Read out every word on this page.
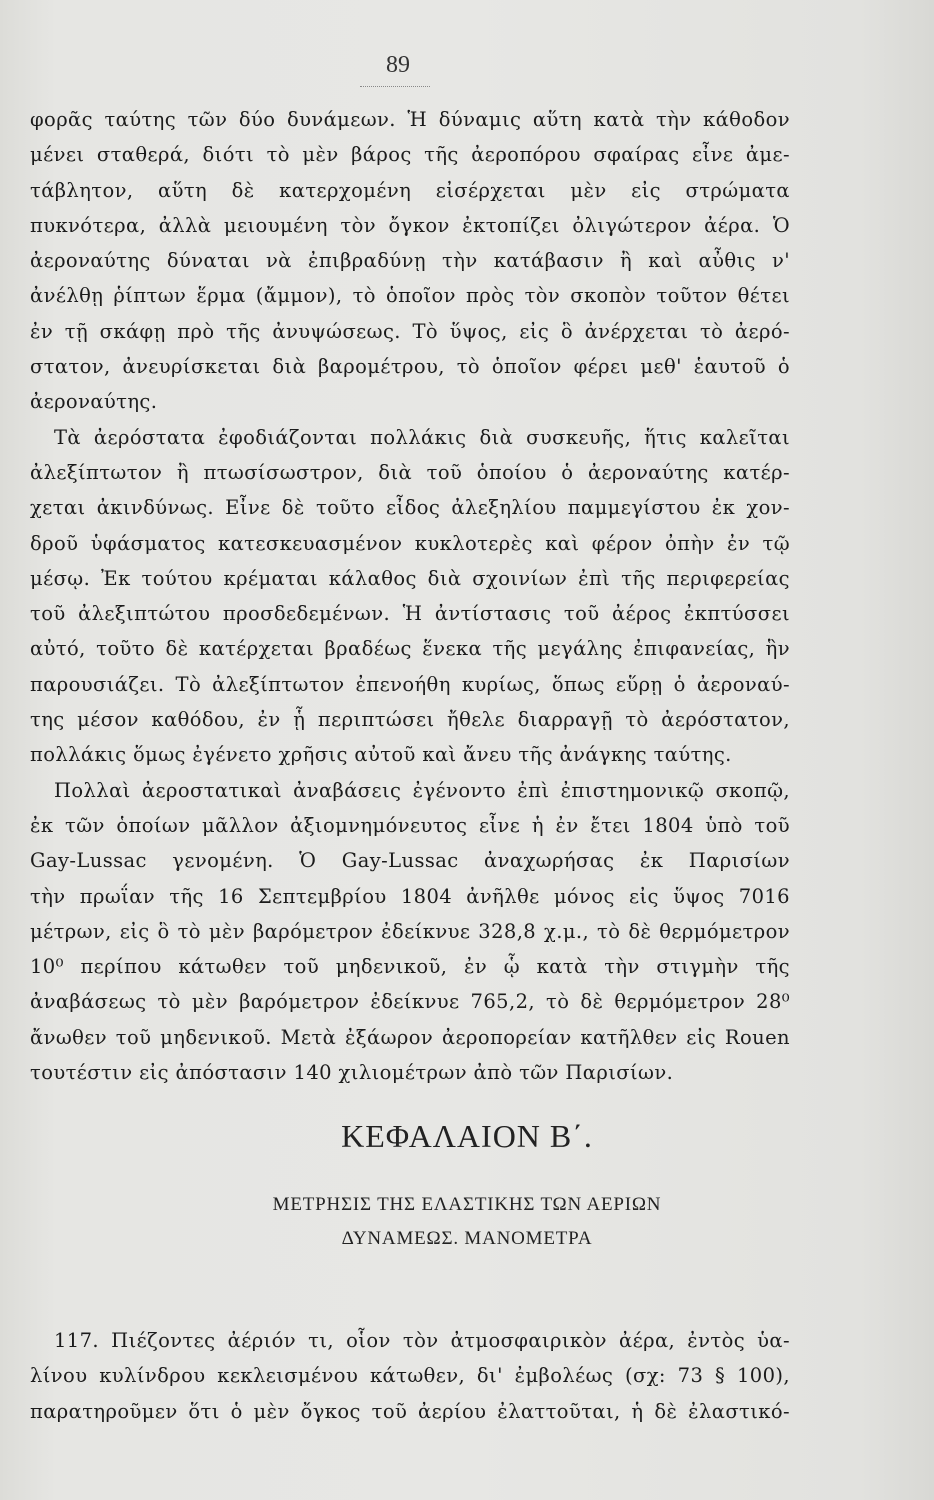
89
φορᾶς ταύτης τῶν δύο δυνάμεων. Ἡ δύναμις αὕτη κατὰ τὴν κάθοδον
μένει σταθερά, διότι τὸ μὲν βάρος τῆς ἀεροπόρου σφαίρας εἶνε ἀμε-
τάβλητον, αὕτη δὲ κατερχομένη εἰσέρχεται μὲν εἰς στρώματα
πυκνότερα, ἀλλὰ μειουμένη τὸν ὄγκον ἐκτοπίζει ὀλιγώτερον ἀέρα. Ὁ
ἀεροναύτης δύναται νὰ ἐπιβραδύνῃ τὴν κατάβασιν ἢ καὶ αὖθις ν'
ἀνέλθῃ ῥίπτων ἕρμα (ἄμμον), τὸ ὁποῖον πρὸς τὸν σκοπὸν τοῦτον θέτει
ἐν τῇ σκάφῃ πρὸ τῆς ἀνυψώσεως. Τὸ ὕψος, εἰς ὃ ἀνέρχεται τὸ ἀερό-
στατον, ἀνευρίσκεται διὰ βαρομέτρου, τὸ ὁποῖον φέρει μεθ' ἑαυτοῦ ὁ
ἀεροναύτης.
Τὰ ἀερόστατα ἐφοδιάζονται πολλάκις διὰ συσκευῆς, ἥτις καλεῖται
ἀλεξίπτωτον ἢ πτωσίσωστρον, διὰ τοῦ ὁποίου ὁ ἀεροναύτης κατέρ-
χεται ἀκινδύνως. Εἶνε δὲ τοῦτο εἶδος ἀλεξηλίου παμμεγίστου ἐκ χον-
δροῦ ὑφάσματος κατεσκευασμένον κυκλοτερὲς καὶ φέρον ὀπὴν ἐν τῷ
μέσῳ. Ἐκ τούτου κρέμαται κάλαθος διὰ σχοινίων ἐπὶ τῆς περιφερείας
τοῦ ἀλεξιπτώτου προσδεδεμένων. Ἡ ἀντίστασις τοῦ ἀέρος ἐκπτύσσει
αὐτό, τοῦτο δὲ κατέρχεται βραδέως ἕνεκα τῆς μεγάλης ἐπιφανείας, ἣν
παρουσιάζει. Τὸ ἀλεξίπτωτον ἐπενοήθη κυρίως, ὅπως εὕρῃ ὁ ἀεροναύ-
της μέσον καθόδου, ἐν ᾗ περιπτώσει ἤθελε διαρραγῇ τὸ ἀερόστατον,
πολλάκις ὅμως ἐγένετο χρῆσις αὐτοῦ καὶ ἄνευ τῆς ἀνάγκης ταύτης.
Πολλαὶ ἀεροστατικαὶ ἀναβάσεις ἐγένοντο ἐπὶ ἐπιστημονικῷ σκοπῷ,
ἐκ τῶν ὁποίων μᾶλλον ἀξιομνημόνευτος εἶνε ἡ ἐν ἔτει 1804 ὑπὸ τοῦ
Gay-Lussac γενομένη. Ὁ Gay-Lussac ἀναχωρήσας ἐκ Παρισίων
τὴν πρωΐαν τῆς 16 Σεπτεμβρίου 1804 ἀνῆλθε μόνος εἰς ὕψος 7016
μέτρων, εἰς ὃ τὸ μὲν βαρόμετρον ἐδείκνυε 328,8 χ.μ., τὸ δὲ θερμόμετρον
10⁰ περίπου κάτωθεν τοῦ μηδενικοῦ, ἐν ᾧ κατὰ τὴν στιγμὴν τῆς
ἀναβάσεως τὸ μὲν βαρόμετρον ἐδείκνυε 765,2, τὸ δὲ θερμόμετρον 28⁰
ἄνωθεν τοῦ μηδενικοῦ. Μετὰ ἐξάωρον ἀεροπορείαν κατῆλθεν εἰς Rouen
τουτέστιν εἰς ἀπόστασιν 140 χιλιομέτρων ἀπὸ τῶν Παρισίων.
ΚΕΦΑΛΑΙΟΝ Β΄.
ΜΕΤΡΗΣΙΣ ΤΗΣ ΕΛΑΣΤΙΚΗΣ ΤΩΝ ΑΕΡΙΩΝ
ΔΥΝΑΜΕΩΣ. ΜΑΝΟΜΕΤΡΑ
117. Πιέζοντες ἀέριόν τι, οἷον τὸν ἀτμοσφαιρικὸν ἀέρα, ἐντὸς ὑα-
λίνου κυλίνδρου κεκλεισμένου κάτωθεν, δι' ἐμβολέως (σχ: 73 § 100),
παρατηροῦμεν ὅτι ὁ μὲν ὄγκος τοῦ ἀερίου ἐλαττοῦται, ἡ δὲ ἐλαστικό-
